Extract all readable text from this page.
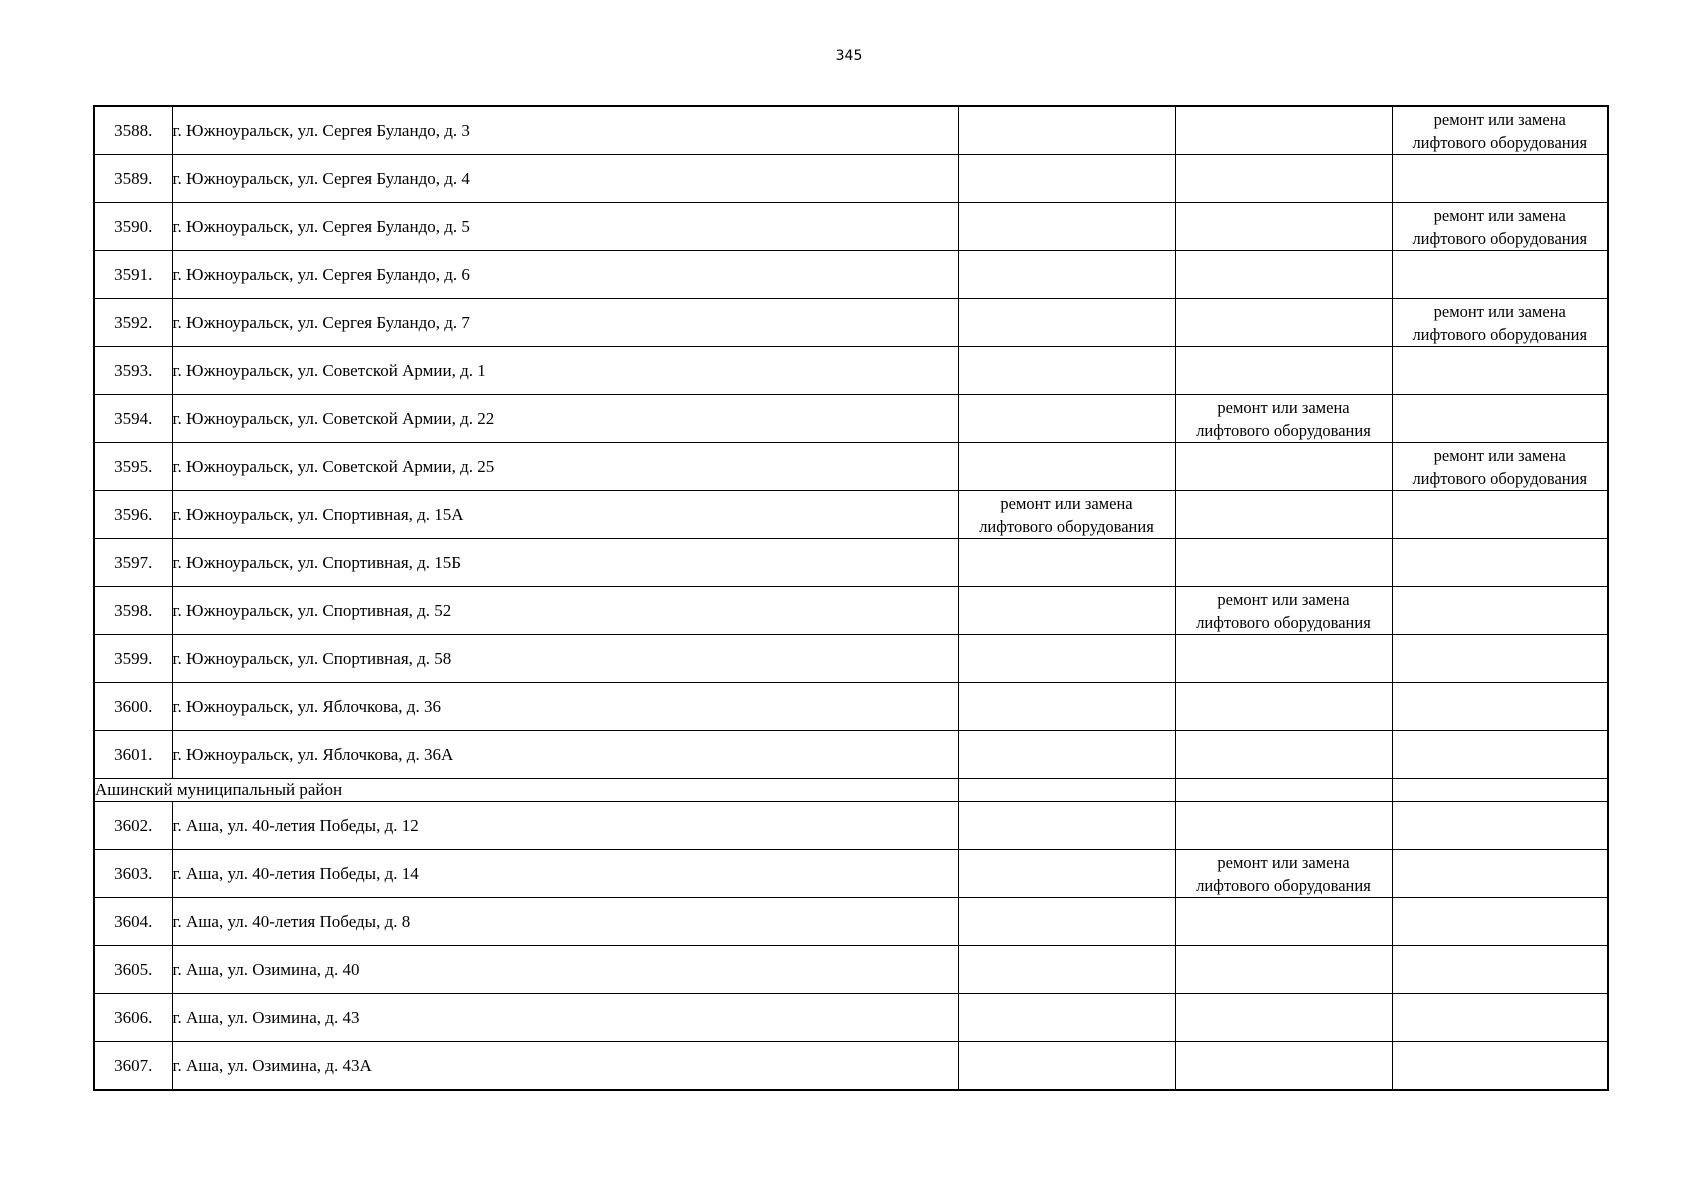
345
3588.	г. Южноуральск, ул. Сергея Буландо, д. 3			ремонт или замена
лифтового оборудования

3589.	г. Южноуральск, ул. Сергея Буландо, д. 4	

3590.	г. Южноуральск, ул. Сергея Буландо, д. 5			ремонт или замена
лифтового оборудования

3591.	г. Южноуральск, ул. Сергея Буландо, д. 6	

3592.	г. Южноуральск, ул. Сергея Буландо, д. 7			ремонт или замена
лифтового оборудования

3593.	г. Южноуральск, ул. Советской Армии, д. 1	

3594.	г. Южноуральск, ул. Советской Армии, д. 22		ремонт или замена
лифтового оборудования	

3595.	г. Южноуральск, ул. Советской Армии, д. 25			ремонт или замена
лифтового оборудования

3596.	г. Южноуральск, ул. Спортивная, д. 15А	ремонт или замена
лифтового оборудования		

3597.	г. Южноуральск, ул. Спортивная, д. 15Б	

3598.	г. Южноуральск, ул. Спортивная, д. 52		ремонт или замена
лифтового оборудования	

3599.	г. Южноуральск, ул. Спортивная, д. 58	

3600.	г. Южноуральск, ул. Яблочкова, д. 36	

3601.	г. Южноуральск, ул. Яблочкова, д. 36А	

Ашинский муниципальный район				
3602.	г. Аша, ул. 40-летия Победы, д. 12	

3603.	г. Аша, ул. 40-летия Победы, д. 14		ремонт или замена
лифтового оборудования	

3604.	г. Аша, ул. 40-летия Победы, д. 8	

3605.	г. Аша, ул. Озимина, д. 40	

3606.	г. Аша, ул. Озимина, д. 43	

3607.	г. Аша, ул. Озимина, д. 43А	
